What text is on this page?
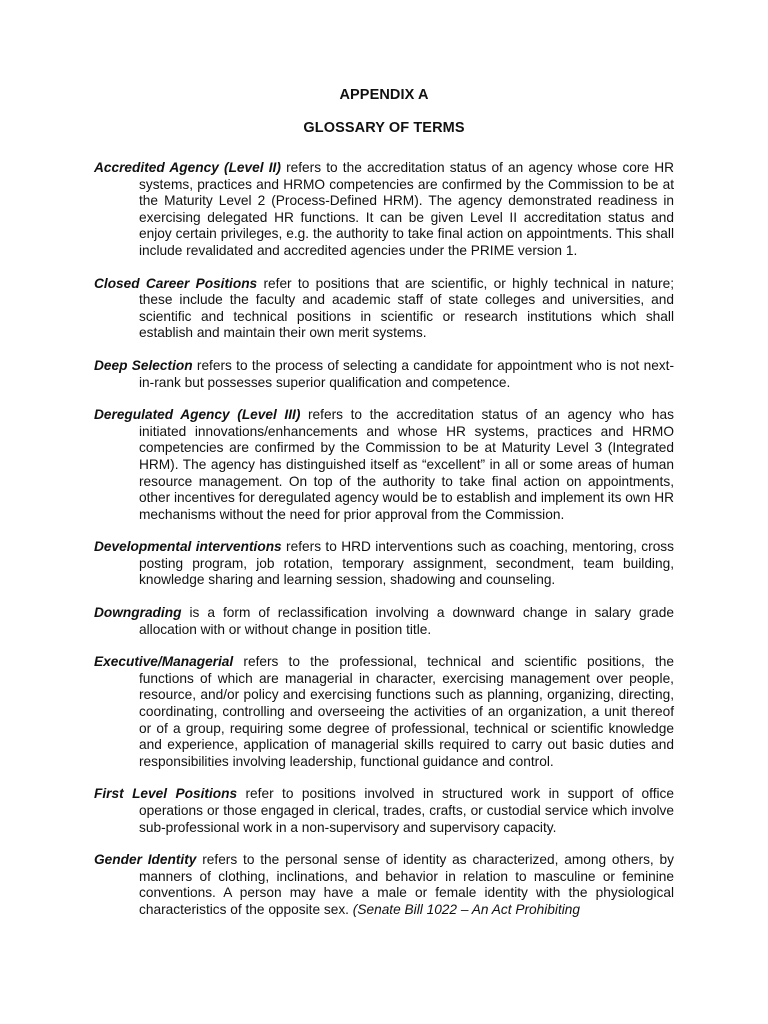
APPENDIX A

GLOSSARY OF TERMS

Accredited Agency (Level II) refers to the accreditation status of an agency whose core HR systems, practices and HRMO competencies are confirmed by the Commission to be at the Maturity Level 2 (Process-Defined HRM). The agency demonstrated readiness in exercising delegated HR functions. It can be given Level II accreditation status and enjoy certain privileges, e.g. the authority to take final action on appointments. This shall include revalidated and accredited agencies under the PRIME version 1.

Closed Career Positions refer to positions that are scientific, or highly technical in nature; these include the faculty and academic staff of state colleges and universities, and scientific and technical positions in scientific or research institutions which shall establish and maintain their own merit systems.

Deep Selection refers to the process of selecting a candidate for appointment who is not next-in-rank but possesses superior qualification and competence.

Deregulated Agency (Level III) refers to the accreditation status of an agency who has initiated innovations/enhancements and whose HR systems, practices and HRMO competencies are confirmed by the Commission to be at Maturity Level 3 (Integrated HRM). The agency has distinguished itself as “excellent” in all or some areas of human resource management. On top of the authority to take final action on appointments, other incentives for deregulated agency would be to establish and implement its own HR mechanisms without the need for prior approval from the Commission.

Developmental interventions refers to HRD interventions such as coaching, mentoring, cross posting program, job rotation, temporary assignment, secondment, team building, knowledge sharing and learning session, shadowing and counseling.

Downgrading is a form of reclassification involving a downward change in salary grade allocation with or without change in position title.

Executive/Managerial refers to the professional, technical and scientific positions, the functions of which are managerial in character, exercising management over people, resource, and/or policy and exercising functions such as planning, organizing, directing, coordinating, controlling and overseeing the activities of an organization, a unit thereof or of a group, requiring some degree of professional, technical or scientific knowledge and experience, application of managerial skills required to carry out basic duties and responsibilities involving leadership, functional guidance and control.

First Level Positions refer to positions involved in structured work in support of office operations or those engaged in clerical, trades, crafts, or custodial service which involve sub-professional work in a non-supervisory and supervisory capacity.

Gender Identity refers to the personal sense of identity as characterized, among others, by manners of clothing, inclinations, and behavior in relation to masculine or feminine conventions. A person may have a male or female identity with the physiological characteristics of the opposite sex. (Senate Bill 1022 – An Act Prohibiting
